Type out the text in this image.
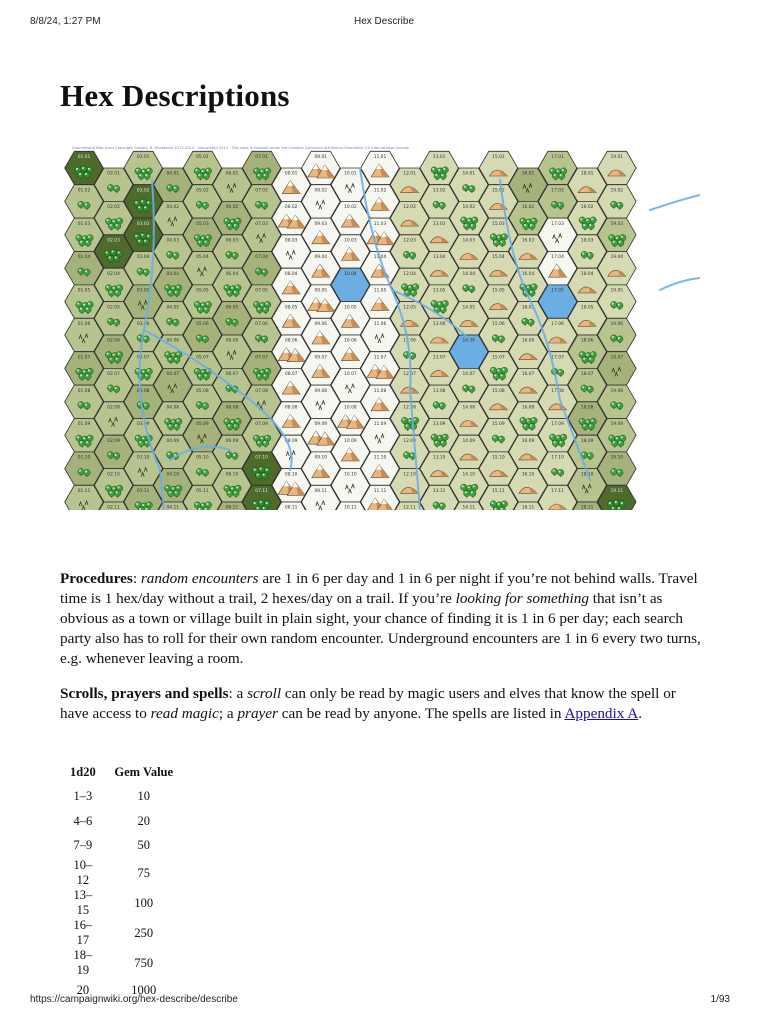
8/8/24, 1:27 PM	Hex Describe
Hex Descriptions
Gnomeyland Map Icons Copyright Gregory B. MacKenzie 2012-2013 · Interpreted 2015 · This work is licensed under the Creative Commons Attribution-ShareAlike 3.0 International License
01.01
02.01
03.01
04.01
05.01
06.01
07.01
08.01
09.01
10.01
11.01
12.01
13.01
14.01
15.01
16.01
17.01
18.01
19.01
01.02
02.02
03.02
04.02
05.02
06.02
07.02
08.02
09.02
10.02
11.02
12.02
13.02
14.02
15.02
16.02
17.02
18.02
19.02
01.03
02.03
03.03
04.03
05.03
06.03
07.03
08.03
09.03
10.03
11.03
12.03
13.03
14.03
15.03
16.03
17.03
18.03
19.03
01.04
02.04
03.04
04.04
05.04
06.04
07.04
08.04
09.04
10.04
11.04
12.04
13.04
14.04
15.04
16.04
17.04
18.04
19.04
01.05
02.05
03.05
04.05
05.05
06.05
07.05
08.05
09.05
10.05
11.05
12.05
13.05
14.05
15.05
16.05
17.05
18.05
19.05
01.06
02.06
03.06
04.06
05.06
06.06
07.06
08.06
09.06
10.06
11.06
12.06
13.06
14.06
15.06
16.06
17.06
18.06
19.06
01.07
02.07
03.07
04.07
05.07
06.07
07.07
08.07
09.07
10.07
11.07
12.07
13.07
14.07
15.07
16.07
17.07
18.07
19.07
01.08
02.08
03.08
04.08
05.08
06.08
07.08
08.08
09.08
10.08
11.08
12.08
13.08
14.08
15.08
16.08
17.08
18.08
19.08
01.09
02.09
03.09
04.09
05.09
06.09
07.09
08.09
09.09
10.09
11.09
12.09
13.09
14.09
15.09
16.09
17.09
18.09
19.09
01.10
02.10
03.10
04.10
05.10
06.10
07.10
08.10
09.10
10.10
11.10
12.10
13.10
14.10
15.10
16.10
17.10
18.10
19.10
01.11
02.11
03.11
04.11
05.11
06.11
07.11
08.11
09.11
10.11
11.11
12.11
13.11
14.11
15.11
16.11
17.11
18.11
19.11

Procedures: random encounters are 1 in 6 per day and 1 in 6 per night if you’re not behind walls. Travel time is 1 hex/day without a trail, 2 hexes/day on a trail. If you’re looking for something that isn’t as obvious as a town or village built in plain sight, your chance of finding it is 1 in 6 per day; each search party also has to roll for their own random encounter. Underground encounters are 1 in 6 every two turns, e.g. whenever leaving a room.

Scrolls, prayers and spells: a scroll can only be read by magic users and elves that know the spell or have access to read magic; a prayer can be read by anyone. The spells are listed in Appendix A.

1d20	Gem Value
1–3	10
4–6	20
7–9	50
10–12	75
13–15	100
16–17	250
18–19	750
20	1000
https://campaignwiki.org/hex-describe/describe	1/93
